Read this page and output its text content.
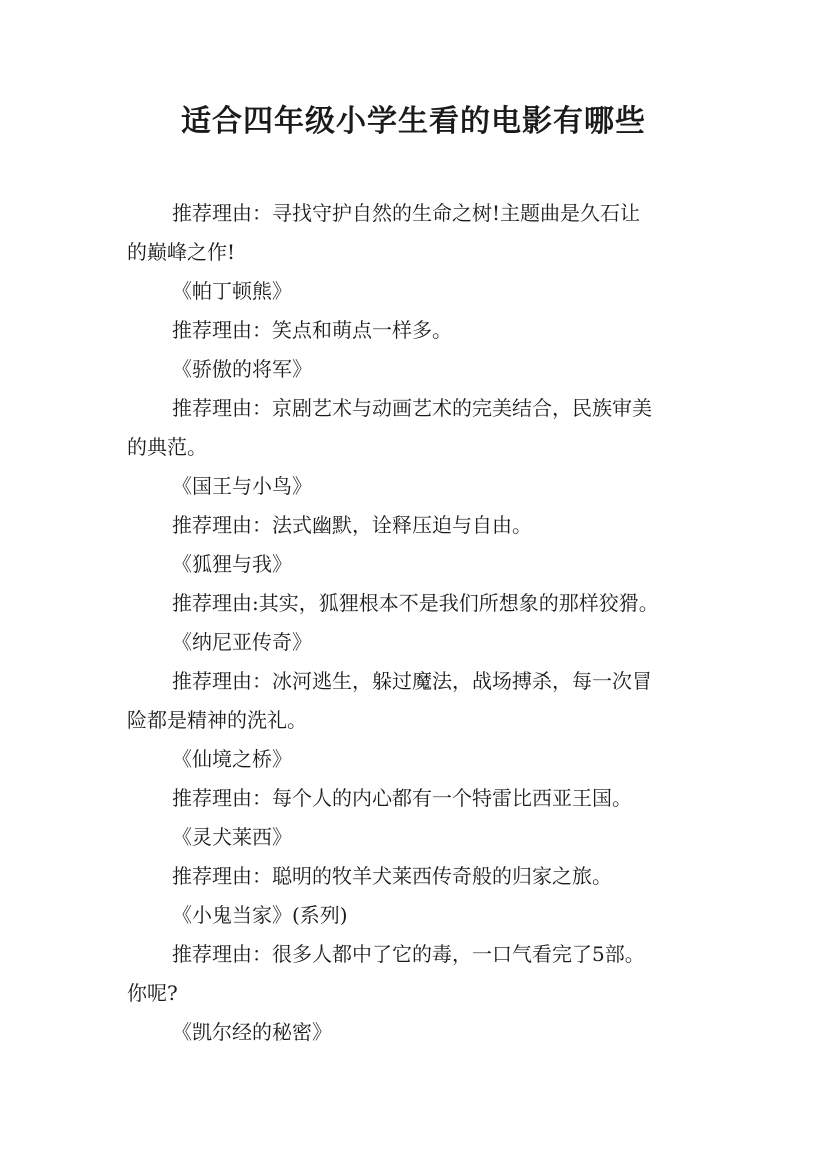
适合四年级小学生看的电影有哪些

推荐理由：寻找守护自然的生命之树!主题曲是久石让

的巅峰之作!

《帕丁顿熊》

推荐理由：笑点和萌点一样多。

《骄傲的将军》

推荐理由：京剧艺术与动画艺术的完美结合，民族审美

的典范。

《国王与小鸟》

推荐理由：法式幽默，诠释压迫与自由。

《狐狸与我》

推荐理由:其实，狐狸根本不是我们所想象的那样狡猾。

《纳尼亚传奇》

推荐理由：冰河逃生，躲过魔法，战场搏杀，每一次冒

险都是精神的洗礼。

《仙境之桥》

推荐理由：每个人的内心都有一个特雷比西亚王国。

《灵犬莱西》

推荐理由：聪明的牧羊犬莱西传奇般的归家之旅。

《小鬼当家》(系列)

推荐理由：很多人都中了它的毒，一口气看完了5部。

你呢?

《凯尔经的秘密》
